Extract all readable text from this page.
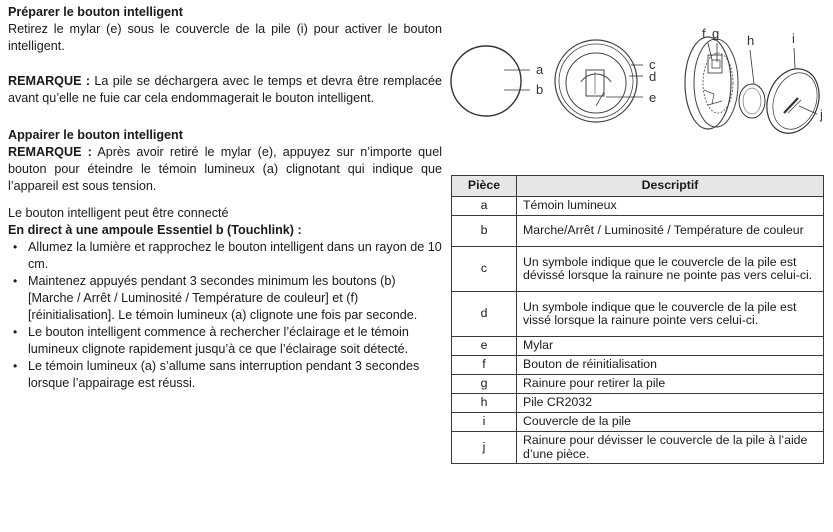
Préparer le bouton intelligent

Retirez le mylar (e) sous le couvercle de la pile (i) pour activer le bouton intelligent.

REMARQUE : La pile se déchargera avec le temps et devra être remplacée avant qu’elle ne fuie car cela endommagerait le bouton intelligent.

Appairer le bouton intelligent

REMARQUE : Après avoir retiré le mylar (e), appuyez sur n’importe quel bouton pour éteindre le témoin lumineux (a) clignotant qui indique que l’appareil est sous tension.

Le bouton intelligent peut être connecté

En direct à une ampoule Essentiel b (Touchlink) :

• Allumez la lumière et rapprochez le bouton intelligent dans un rayon de 10 cm.
• Maintenez appuyés pendant 3 secondes minimum les boutons (b) [Marche / Arrêt / Luminosité / Température de couleur] et (f) [réinitialisation]. Le témoin lumineux (a) clignote une fois par seconde.
• Le bouton intelligent commence à rechercher l’éclairage et le témoin lumineux clignote rapidement jusqu’à ce que l’éclairage soit détecté.
• Le témoin lumineux (a) s’allume sans interruption pendant 3 secondes lorsque l’appairage est réussi.
a
b
c
d
e
f g h	i
j
Pièce	Descriptif
a	Témoin lumineux
b	Marche/Arrêt / Luminosité / Température de couleur
c	Un symbole indique que le couvercle de la pile est dévissé lorsque la rainure ne pointe pas vers celui-ci.
d	Un symbole indique que le couvercle de la pile est vissé lorsque la rainure pointe vers celui-ci.
e	Mylar
f	Bouton de réinitialisation
g	Rainure pour retirer la pile
h	Pile CR2032
i	Couvercle de la pile
j	Rainure pour dévisser le couvercle de la pile à l’aide d’une pièce.
